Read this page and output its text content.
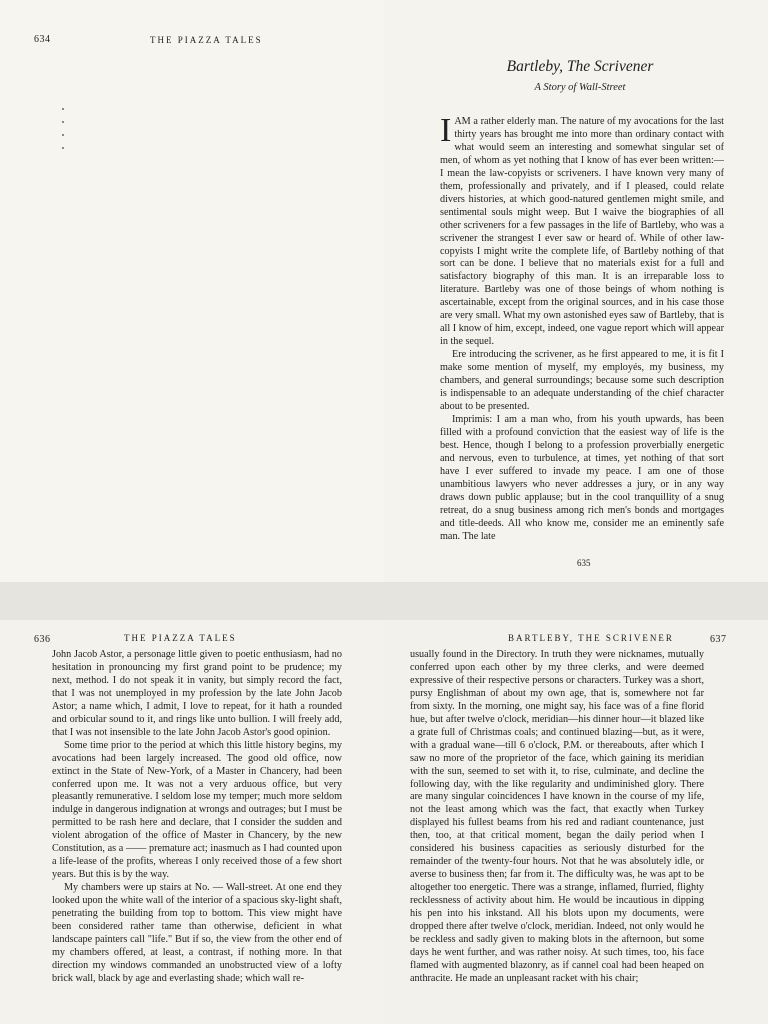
634	THE PIAZZA TALES
Bartleby, The Scrivener
A Story of Wall-Street

IAM a rather elderly man. The nature of my avocations for the last thirty years has brought me into more than ordinary contact with what would seem an interesting and somewhat singular set of men, of whom as yet nothing that I know of has ever been written:—I mean the law-copyists or scriveners. I have known very many of them, professionally and privately, and if I pleased, could relate divers histories, at which good-natured gentlemen might smile, and sentimental souls might weep. But I waive the biographies of all other scriveners for a few passages in the life of Bartleby, who was a scrivener the strangest I ever saw or heard of. While of other law-copyists I might write the complete life, of Bartleby nothing of that sort can be done. I believe that no materials exist for a full and satisfactory biography of this man. It is an irreparable loss to literature. Bartleby was one of those beings of whom nothing is ascertainable, except from the original sources, and in his case those are very small. What my own astonished eyes saw of Bartleby, that is all I know of him, except, indeed, one vague report which will appear in the sequel.

Ere introducing the scrivener, as he first appeared to me, it is fit I make some mention of myself, my employés, my business, my chambers, and general surroundings; because some such description is indispensable to an adequate understanding of the chief character about to be presented.

Imprimis: I am a man who, from his youth upwards, has been filled with a profound conviction that the easiest way of life is the best. Hence, though I belong to a profession proverbially energetic and nervous, even to turbulence, at times, yet nothing of that sort have I ever suffered to invade my peace. I am one of those unambitious lawyers who never addresses a jury, or in any way draws down public applause; but in the cool tranquillity of a snug retreat, do a snug business among rich men's bonds and mortgages and title-deeds. All who know me, consider me an eminently safe man. The late

635
636	THE PIAZZA TALES

John Jacob Astor, a personage little given to poetic enthusiasm, had no hesitation in pronouncing my first grand point to be prudence; my next, method. I do not speak it in vanity, but simply record the fact, that I was not unemployed in my profession by the late John Jacob Astor; a name which, I admit, I love to repeat, for it hath a rounded and orbicular sound to it, and rings like unto bullion. I will freely add, that I was not insensible to the late John Jacob Astor's good opinion.

Some time prior to the period at which this little history begins, my avocations had been largely increased. The good old office, now extinct in the State of New-York, of a Master in Chancery, had been conferred upon me. It was not a very arduous office, but very pleasantly remunerative. I seldom lose my temper; much more seldom indulge in dangerous indignation at wrongs and outrages; but I must be permitted to be rash here and declare, that I consider the sudden and violent abrogation of the office of Master in Chancery, by the new Constitution, as a —— premature act; inasmuch as I had counted upon a life-lease of the profits, whereas I only received those of a few short years. But this is by the way.

My chambers were up stairs at No. — Wall-street. At one end they looked upon the white wall of the interior of a spacious sky-light shaft, penetrating the building from top to bottom. This view might have been considered rather tame than otherwise, deficient in what landscape painters call "life." But if so, the view from the other end of my chambers offered, at least, a contrast, if nothing more. In that direction my windows commanded an unobstructed view of a lofty brick wall, black by age and everlasting shade; which wall re-

BARTLEBY, THE SCRIVENER	637

usually found in the Directory. In truth they were nicknames, mutually conferred upon each other by my three clerks, and were deemed expressive of their respective persons or characters. Turkey was a short, pursy Englishman of about my own age, that is, somewhere not far from sixty. In the morning, one might say, his face was of a fine florid hue, but after twelve o'clock, meridian—his dinner hour—it blazed like a grate full of Christmas coals; and continued blazing—but, as it were, with a gradual wane—till 6 o'clock, P.M. or thereabouts, after which I saw no more of the proprietor of the face, which gaining its meridian with the sun, seemed to set with it, to rise, culminate, and decline the following day, with the like regularity and undiminished glory. There are many singular coincidences I have known in the course of my life, not the least among which was the fact, that exactly when Turkey displayed his fullest beams from his red and radiant countenance, just then, too, at that critical moment, began the daily period when I considered his business capacities as seriously disturbed for the remainder of the twenty-four hours. Not that he was absolutely idle, or averse to business then; far from it. The difficulty was, he was apt to be altogether too energetic. There was a strange, inflamed, flurried, flighty recklessness of activity about him. He would be incautious in dipping his pen into his inkstand. All his blots upon my documents, were dropped there after twelve o'clock, meridian. Indeed, not only would he be reckless and sadly given to making blots in the afternoon, but some days he went further, and was rather noisy. At such times, too, his face flamed with augmented blazonry, as if cannel coal had been heaped on anthracite. He made an unpleasant racket with his chair;
